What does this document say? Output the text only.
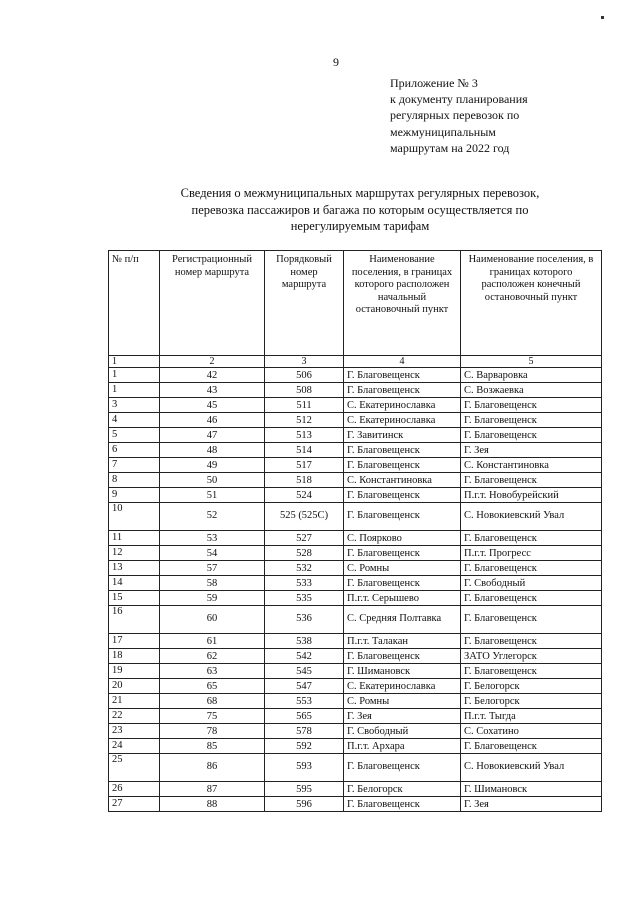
9
Приложение № 3
к документу планирования
регулярных перевозок по
межмуниципальным
маршрутам на 2022 год
Сведения о межмуниципальных маршрутах регулярных перевозок,
перевозка пассажиров и багажа по которым осуществляется по
нерегулируемым тарифам
№ п/п	Регистрационный номер маршрута	Порядковый номер маршрута	Наименование поселения, в границах которого расположен начальный остановочный пункт	Наименование поселения, в границах которого расположен конечный остановочный пункт
1	2	3	4	5
1	42	506	Г. Благовещенск	С. Варваровка
1	43	508	Г. Благовещенск	С. Возжаевка
3	45	511	С. Екатеринославка	Г. Благовещенск
4	46	512	С. Екатеринославка	Г. Благовещенск
5	47	513	Г. Завитинск	Г. Благовещенск
6	48	514	Г. Благовещенск	Г. Зея
7	49	517	Г. Благовещенск	С. Константиновка
8	50	518	С. Константиновка	Г. Благовещенск
9	51	524	Г. Благовещенск	П.г.т. Новобурейский
10	52	525 (525С)	Г. Благовещенск	С. Новокиевский Увал
11	53	527	С. Поярково	Г. Благовещенск
12	54	528	Г. Благовещенск	П.г.т. Прогресс
13	57	532	С. Ромны	Г. Благовещенск
14	58	533	Г. Благовещенск	Г. Свободный
15	59	535	П.г.т. Серышево	Г. Благовещенск
16	60	536	С. Средняя Полтавка	Г. Благовещенск
17	61	538	П.г.т. Талакан	Г. Благовещенск
18	62	542	Г. Благовещенск	ЗАТО Углегорск
19	63	545	Г. Шимановск	Г. Благовещенск
20	65	547	С. Екатеринославка	Г. Белогорск
21	68	553	С. Ромны	Г. Белогорск
22	75	565	Г. Зея	П.г.т. Тыгда
23	78	578	Г. Свободный	С. Сохатино
24	85	592	П.г.т. Архара	Г. Благовещенск
25	86	593	Г. Благовещенск	С. Новокиевский Увал
26	87	595	Г. Белогорск	Г. Шимановск
27	88	596	Г. Благовещенск	Г. Зея
